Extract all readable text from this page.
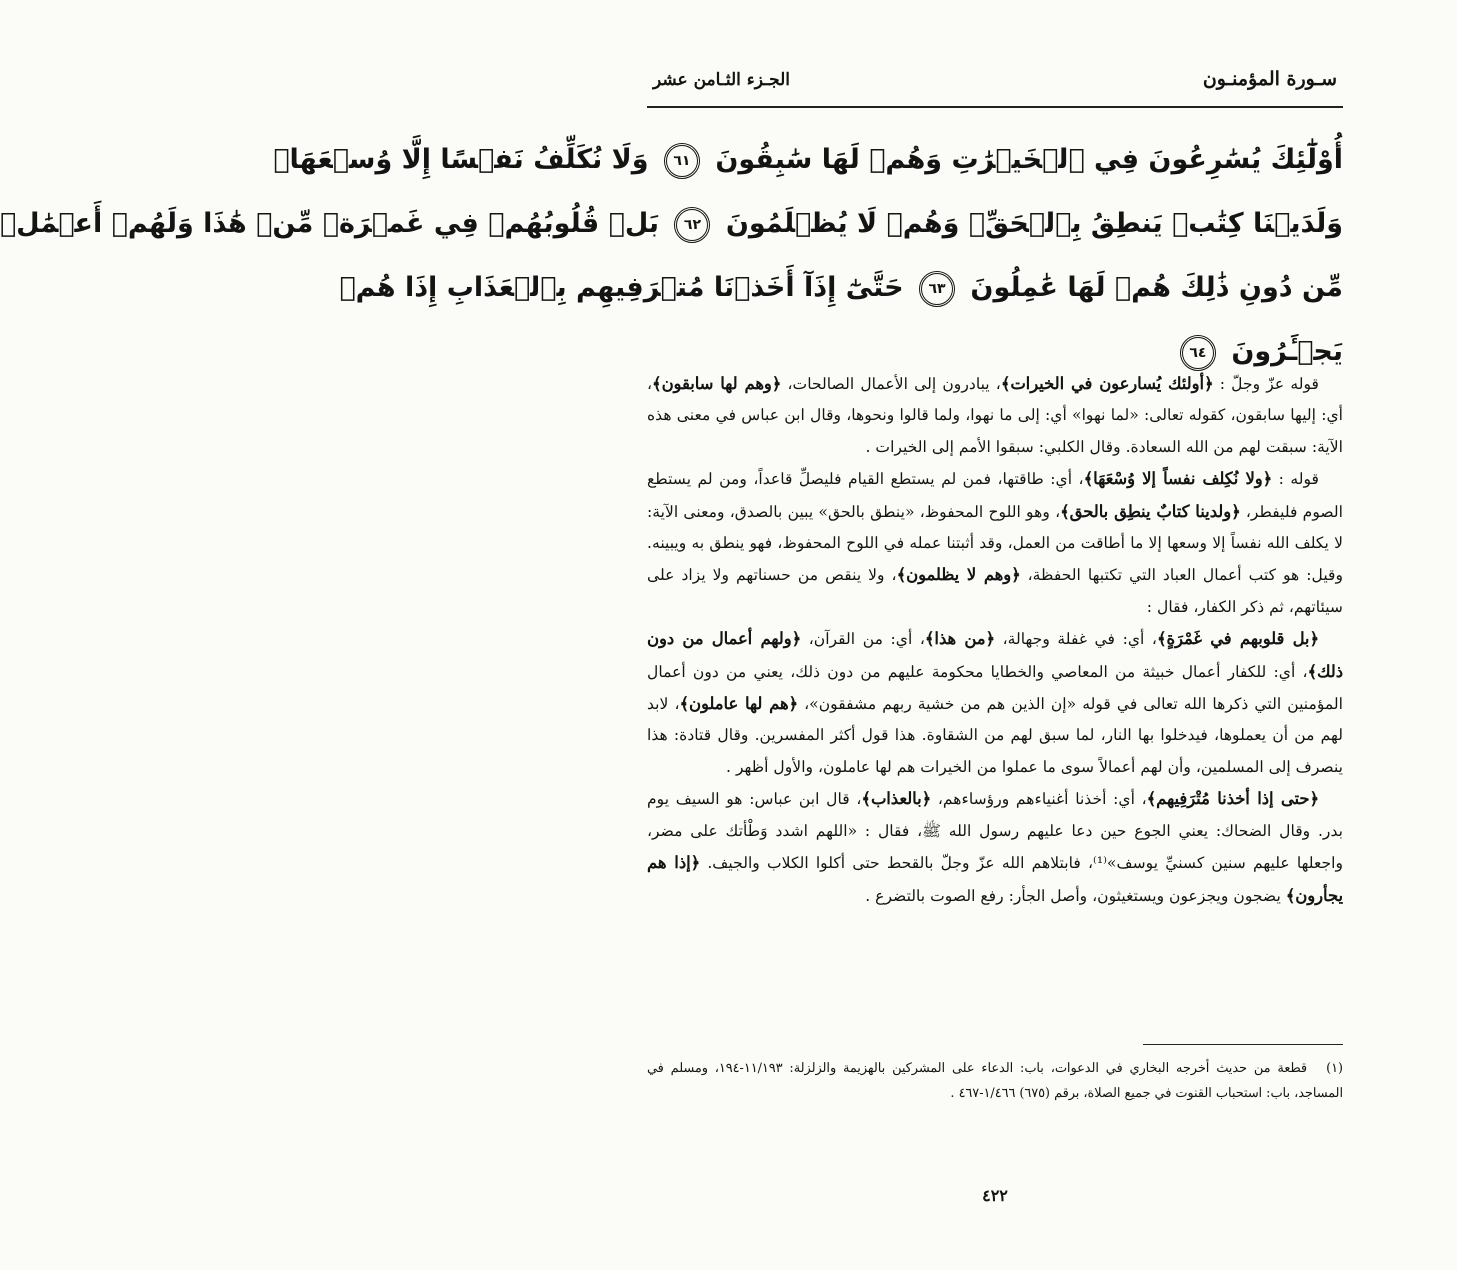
سـورة المؤمنـون
الجـزء الثـامن عشر
أُوْلَٰٓئِكَ يُسَٰرِعُونَ فِي ٱلۡخَيۡرَٰتِ وَهُمۡ لَهَا سَٰبِقُونَ ٦١ وَلَا نُكَلِّفُ نَفۡسًا إِلَّا وُسۡعَهَاۖ
وَلَدَيۡنَا كِتَٰبٞ يَنطِقُ بِٱلۡحَقِّۚ وَهُمۡ لَا يُظۡلَمُونَ ٦٢ بَلۡ قُلُوبُهُمۡ فِي غَمۡرَةٖ مِّنۡ هَٰذَا وَلَهُمۡ أَعۡمَٰلٞ
مِّن دُونِ ذَٰلِكَ هُمۡ لَهَا عَٰمِلُونَ ٦٣ حَتَّىٰٓ إِذَآ أَخَذۡنَا مُتۡرَفِيهِم بِٱلۡعَذَابِ إِذَا هُمۡ
يَجۡـَٔرُونَ ٦٤

قوله عزّ وجلّ : ﴿أولئك يُسارعون في الخيرات﴾، يبادرون إلى الأعمال الصالحات، ﴿وهم لها سابقون﴾، أي: إليها سابقون، كقوله تعالى: «لما نهوا» أي: إلى ما نهوا، ولما قالوا ونحوها، وقال ابن عباس في معنى هذه الآية: سبقت لهم من الله السعادة. وقال الكلبي: سبقوا الأمم إلى الخيرات .

قوله : ﴿ولا نُكِلف نفساً إلا وُسْعَهَا﴾، أي: طاقتها، فمن لم يستطع القيام فليصلِّ قاعداً، ومن لم يستطع الصوم فليفطر، ﴿ولدينا كتابٌ ينطِق بالحق﴾، وهو اللوح المحفوظ، «ينطق بالحق» يبين بالصدق، ومعنى الآية: لا يكلف الله نفساً إلا وسعها إلا ما أطاقت من العمل، وقد أثبتنا عمله في اللوح المحفوظ، فهو ينطق به ويبينه. وقيل: هو كتب أعمال العباد التي تكتبها الحفظة، ﴿وهم لا يظلمون﴾، ولا ينقص من حسناتهم ولا يزاد على سيئاتهم، ثم ذكر الكفار، فقال :

﴿بل قلوبهم في غَمْرَةٍ﴾، أي: في غفلة وجهالة، ﴿من هذا﴾، أي: من القرآن، ﴿ولهم أعمال من دون ذلك﴾، أي: للكفار أعمال خبيثة من المعاصي والخطايا محكومة عليهم من دون ذلك، يعني من دون أعمال المؤمنين التي ذكرها الله تعالى في قوله «إن الذين هم من خشية ربهم مشفقون»، ﴿هم لها عاملون﴾، لابد لهم من أن يعملوها، فيدخلوا بها النار، لما سبق لهم من الشقاوة. هذا قول أكثر المفسرين. وقال قتادة: هذا ينصرف إلى المسلمين، وأن لهم أعمالاً سوى ما عملوا من الخيرات هم لها عاملون، والأول أظهر .

﴿حتى إذا أخذنا مُتْرَفِيهم﴾، أي: أخذنا أغنياءهم ورؤساءهم، ﴿بالعذاب﴾، قال ابن عباس: هو السيف يوم بدر. وقال الضحاك: يعني الجوع حين دعا عليهم رسول الله ﷺ، فقال : «اللهم اشدد وَطْأتك على مضر، واجعلها عليهم سنين كسنيِّ يوسف»⁽¹⁾، فابتلاهم الله عزّ وجلّ بالقحط حتى أكلوا الكلاب والجيف. ﴿إذا هم يجأرون﴾ يضجون ويجزعون ويستغيثون، وأصل الجأر: رفع الصوت بالتضرع .

(١)قطعة من حديث أخرجه البخاري في الدعوات، باب: الدعاء على المشركين بالهزيمة والزلزلة: ١١/١٩٣-١٩٤، ومسلم في المساجد، باب: استحباب القنوت في جميع الصلاة، برقم (٦٧٥) ١/٤٦٦-٤٦٧ .
٤٢٢
